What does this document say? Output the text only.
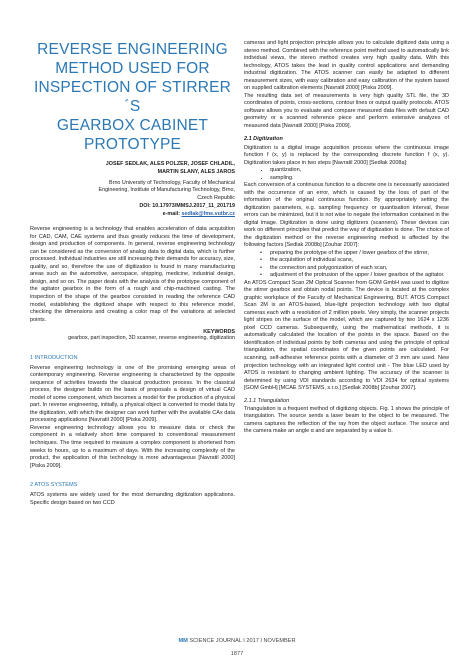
REVERSE ENGINEERING
METHOD USED FOR
INSPECTION OF STIRRER´S
GEARBOX CABINET
PROTOTYPE
JOSEF SEDLAK, ALES POLZER, JOSEF CHLADIL,
MARTIN SLANY, ALES JAROS
Brno University of Technology, Faculty of Mechanical
Engineering, Institute of Manufacturing Technology, Brno,
Czech Republic
DOI: 10.17973/MMSJ.2017_11_201719
e-mail: sedlak@fme.vutbr.cz

Reverse engineering is a technology that enables acceleration of data acquisition for CAD, CAM, CAE systems and thus greatly reduces the time of development, design and production of components. In general, reverse engineering technology can be considered as the conversion of analog data to digital data, which is further processed. Individual industries are still increasing their demands for accuracy, size, quality, and so, therefore the use of digitization is found in many manufacturing areas such as the automotive, aerospace, shipping, medicine, industrial design, design, and so on. The paper deals with the analysis of the prototype component of the agitator gearbox in the form of a rough and chip-machined casting. The inspection of the shape of the gearbox consisted in reading the reference CAD model, establishing the digitized shape with respect to this reference model, checking the dimensions and creating a color map of the variations at selected points.

KEYWORDS
gearbox, part inspection, 3D scanner, reverse engineering, digitization
1 INTRODUCTION

Reverse engineering technology is one of the promising emerging areas of contemporary engineering. Reverse engineering is characterized by the opposite sequence of activities towards the classical production process. In the classical process, the designer builds on the basis of proposals a design of virtual CAD model of some component, which becomes a model for the production of a physical part. In reverse engineering, initially, a physical object is converted to model data by the digitization, with which the designer can work further with the available CAx data processing applications [Navratil 2000] [Piska 2009].

Reverse engineering technology allows you to measure data or check the component in a relatively short time compared to conventional measurement techniques. The time required to measure a complex component is shortened from weeks to hours, up to a maximum of days. With the increasing complexity of the product, the application of this technology is more advantageous [Navratil 2000] [Piska 2009].

2 ATOS SYSTEMS

ATOS systems are widely used for the most demanding digitization applications. Specific design based on two CCD

cameras and light projection principle allows you to calculate digitized data using a stereo method. Combined with the reference point method used to automatically link individual views, the stereo method creates very high quality data. With this technology, ATOS takes the lead in quality control applications and demanding industrial digitization. The ATOS scanner can easily be adapted to different measurement sizes, with easy calibration and easy calibration of the system based on supplied calibration elements [Navratil 2000] [Piska 2009].

The resulting data set of measurements is very high quality STL file, the 3D coordinates of points, cross-sections, contour lines or output quality protocols. ATOS software allows you to evaluate and compare measured data files with default CAD geometry or a scanned reference piece and perform extensive analyzes of measured data [Navratil 2000] [Piska 2009].

2.1 Digitization

Digitization is a digital image acquisition process where the continuous image function f (x, y) is replaced by the corresponding discrete function f (x, y). Digitization takes place in two steps [Navratil 2000] [Sedlak 2008a]:

• quantization,
• sampling.

Each conversion of a continuous function to a discrete one is necessarily associated with the occurrence of an error, which is caused by the loss of part of the information of the original continuous function. By appropriately setting the digitization parameters, e.g. sampling frequency or quantisation interval, these errors can be minimized, but it is not wise to negate the information contained in the digital image. Digitization is done using digitizers (scanners). These devices can work on different principles that predict the way of digitization is done. The choice of the digitization method or the reverse engineering method is affected by the following factors [Sedlak 2008b] [Zouhar 2007]:

• preparing the prototype of the upper / lower gearbox of the stirrer,
• the acquisition of individual scans,
• the connection and polygonization of each scan,
• adjustment of the protrusion of the upper / lower gearbox of the agitator.

An ATOS Compact Scan 2M Optical Scanner from GOM GmbH was used to digitize the stirrer gearbox and obtain nodal points. The device is located at the complex graphic workplace of the Faculty of Mechanical Engineering, BUT. ATOS Compact Scan 2M is an ATOS-based, blue-light projection technology with two digital cameras each with a resolution of 2 million pixels. Very simply, the scanner projects light stripes on the surface of the model, which are captured by two 1624 x 1236 pixel CCD cameras. Subsequently, using the mathematical methods, it is automatically calculated the location of the points in the space. Based on the identification of individual points by both cameras and using the principle of optical triangulation, the spatial coordinates of the given points are calculated. For scanning, self-adhesive reference points with a diameter of 3 mm are used. New projection technology with an integrated light control unit - The blue LED used by ATOS is resistant to changing ambient lighting. The accuracy of the scanner is determined by using VDI standards according to VDI 2634 for optical systems [GOM GmbH] [MCAE SYSTEMS, s.r.o.] [Sedlak 2008b] [Zouhar 2007].

2.1.1 Triangulation

Triangulation is a frequent method of digitizing objects. Fig. 1 shows the principle of triangulation. The source sends a laser beam to the object to be measured. The camera captures the reflection of the ray from the object surface. The source and the camera make an angle α and are separated by a value b.

MM SCIENCE JOURNAL I 2017 I NOVEMBER
1877
